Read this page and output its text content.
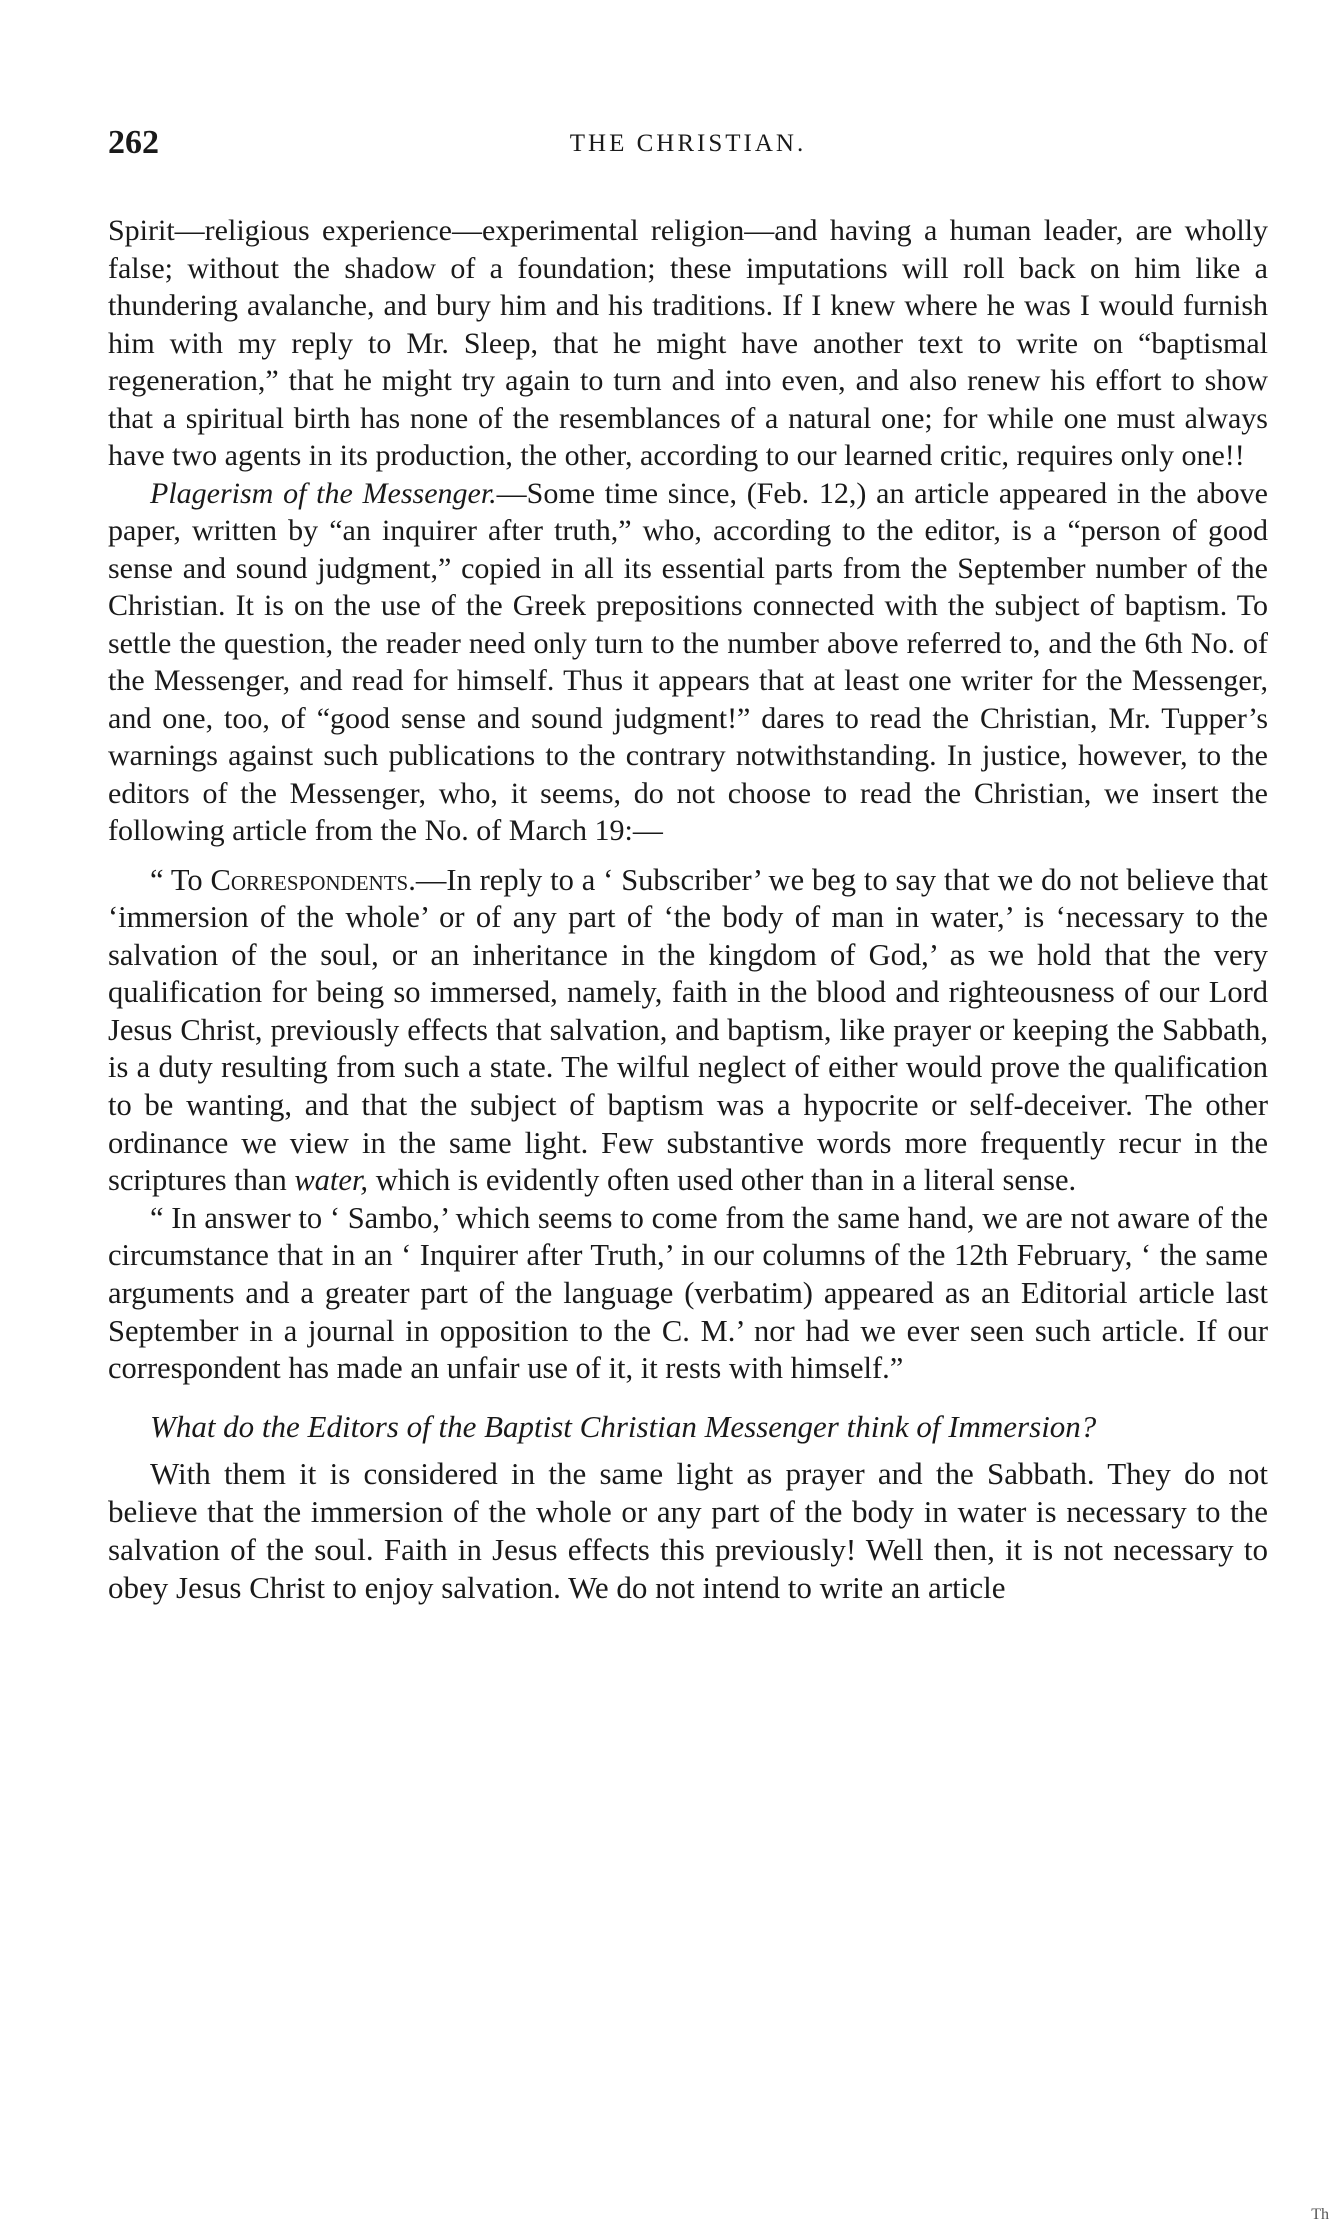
262	THE CHRISTIAN.

Spirit—religious experience—experimental religion—and having a human leader, are wholly false; without the shadow of a foundation; these imputations will roll back on him like a thundering avalanche, and bury him and his traditions. If I knew where he was I would furnish him with my reply to Mr. Sleep, that he might have another text to write on “baptismal regeneration,” that he might try again to turn and into even, and also renew his effort to show that a spiritual birth has none of the resemblances of a natural one; for while one must always have two agents in its production, the other, according to our learned critic, requires only one!!

Plagerism of the Messenger.—Some time since, (Feb. 12,) an article appeared in the above paper, written by “an inquirer after truth,” who, according to the editor, is a “person of good sense and sound judgment,” copied in all its essential parts from the September number of the Christian. It is on the use of the Greek prepositions connected with the subject of baptism. To settle the question, the reader need only turn to the number above referred to, and the 6th No. of the Messenger, and read for himself. Thus it appears that at least one writer for the Messenger, and one, too, of “good sense and sound judgment!” dares to read the Christian, Mr. Tupper’s warnings against such publications to the contrary notwithstanding. In justice, however, to the editors of the Messenger, who, it seems, do not choose to read the Christian, we insert the following article from the No. of March 19:—

“ To Correspondents.—In reply to a ‘ Subscriber’ we beg to say that we do not believe that ‘immersion of the whole’ or of any part of ‘the body of man in water,’ is ‘necessary to the salvation of the soul, or an inheritance in the kingdom of God,’ as we hold that the very qualification for being so immersed, namely, faith in the blood and righteousness of our Lord Jesus Christ, previously effects that salvation, and baptism, like prayer or keeping the Sabbath, is a duty resulting from such a state. The wilful neglect of either would prove the qualification to be wanting, and that the subject of baptism was a hypocrite or self-deceiver. The other ordinance we view in the same light. Few substantive words more frequently recur in the scriptures than water, which is evidently often used other than in a literal sense.

“ In answer to ‘ Sambo,’ which seems to come from the same hand, we are not aware of the circumstance that in an ‘ Inquirer after Truth,’ in our columns of the 12th February, ‘ the same arguments and a greater part of the language (verbatim) appeared as an Editorial article last September in a journal in opposition to the C. M.’ nor had we ever seen such article. If our correspondent has made an unfair use of it, it rests with himself.”

What do the Editors of the Baptist Christian Messenger think of Immersion?

With them it is considered in the same light as prayer and the Sabbath. They do not believe that the immersion of the whole or any part of the body in water is necessary to the salvation of the soul. Faith in Jesus effects this previously! Well then, it is not necessary to obey Jesus Christ to enjoy salvation. We do not intend to write an article

Th
